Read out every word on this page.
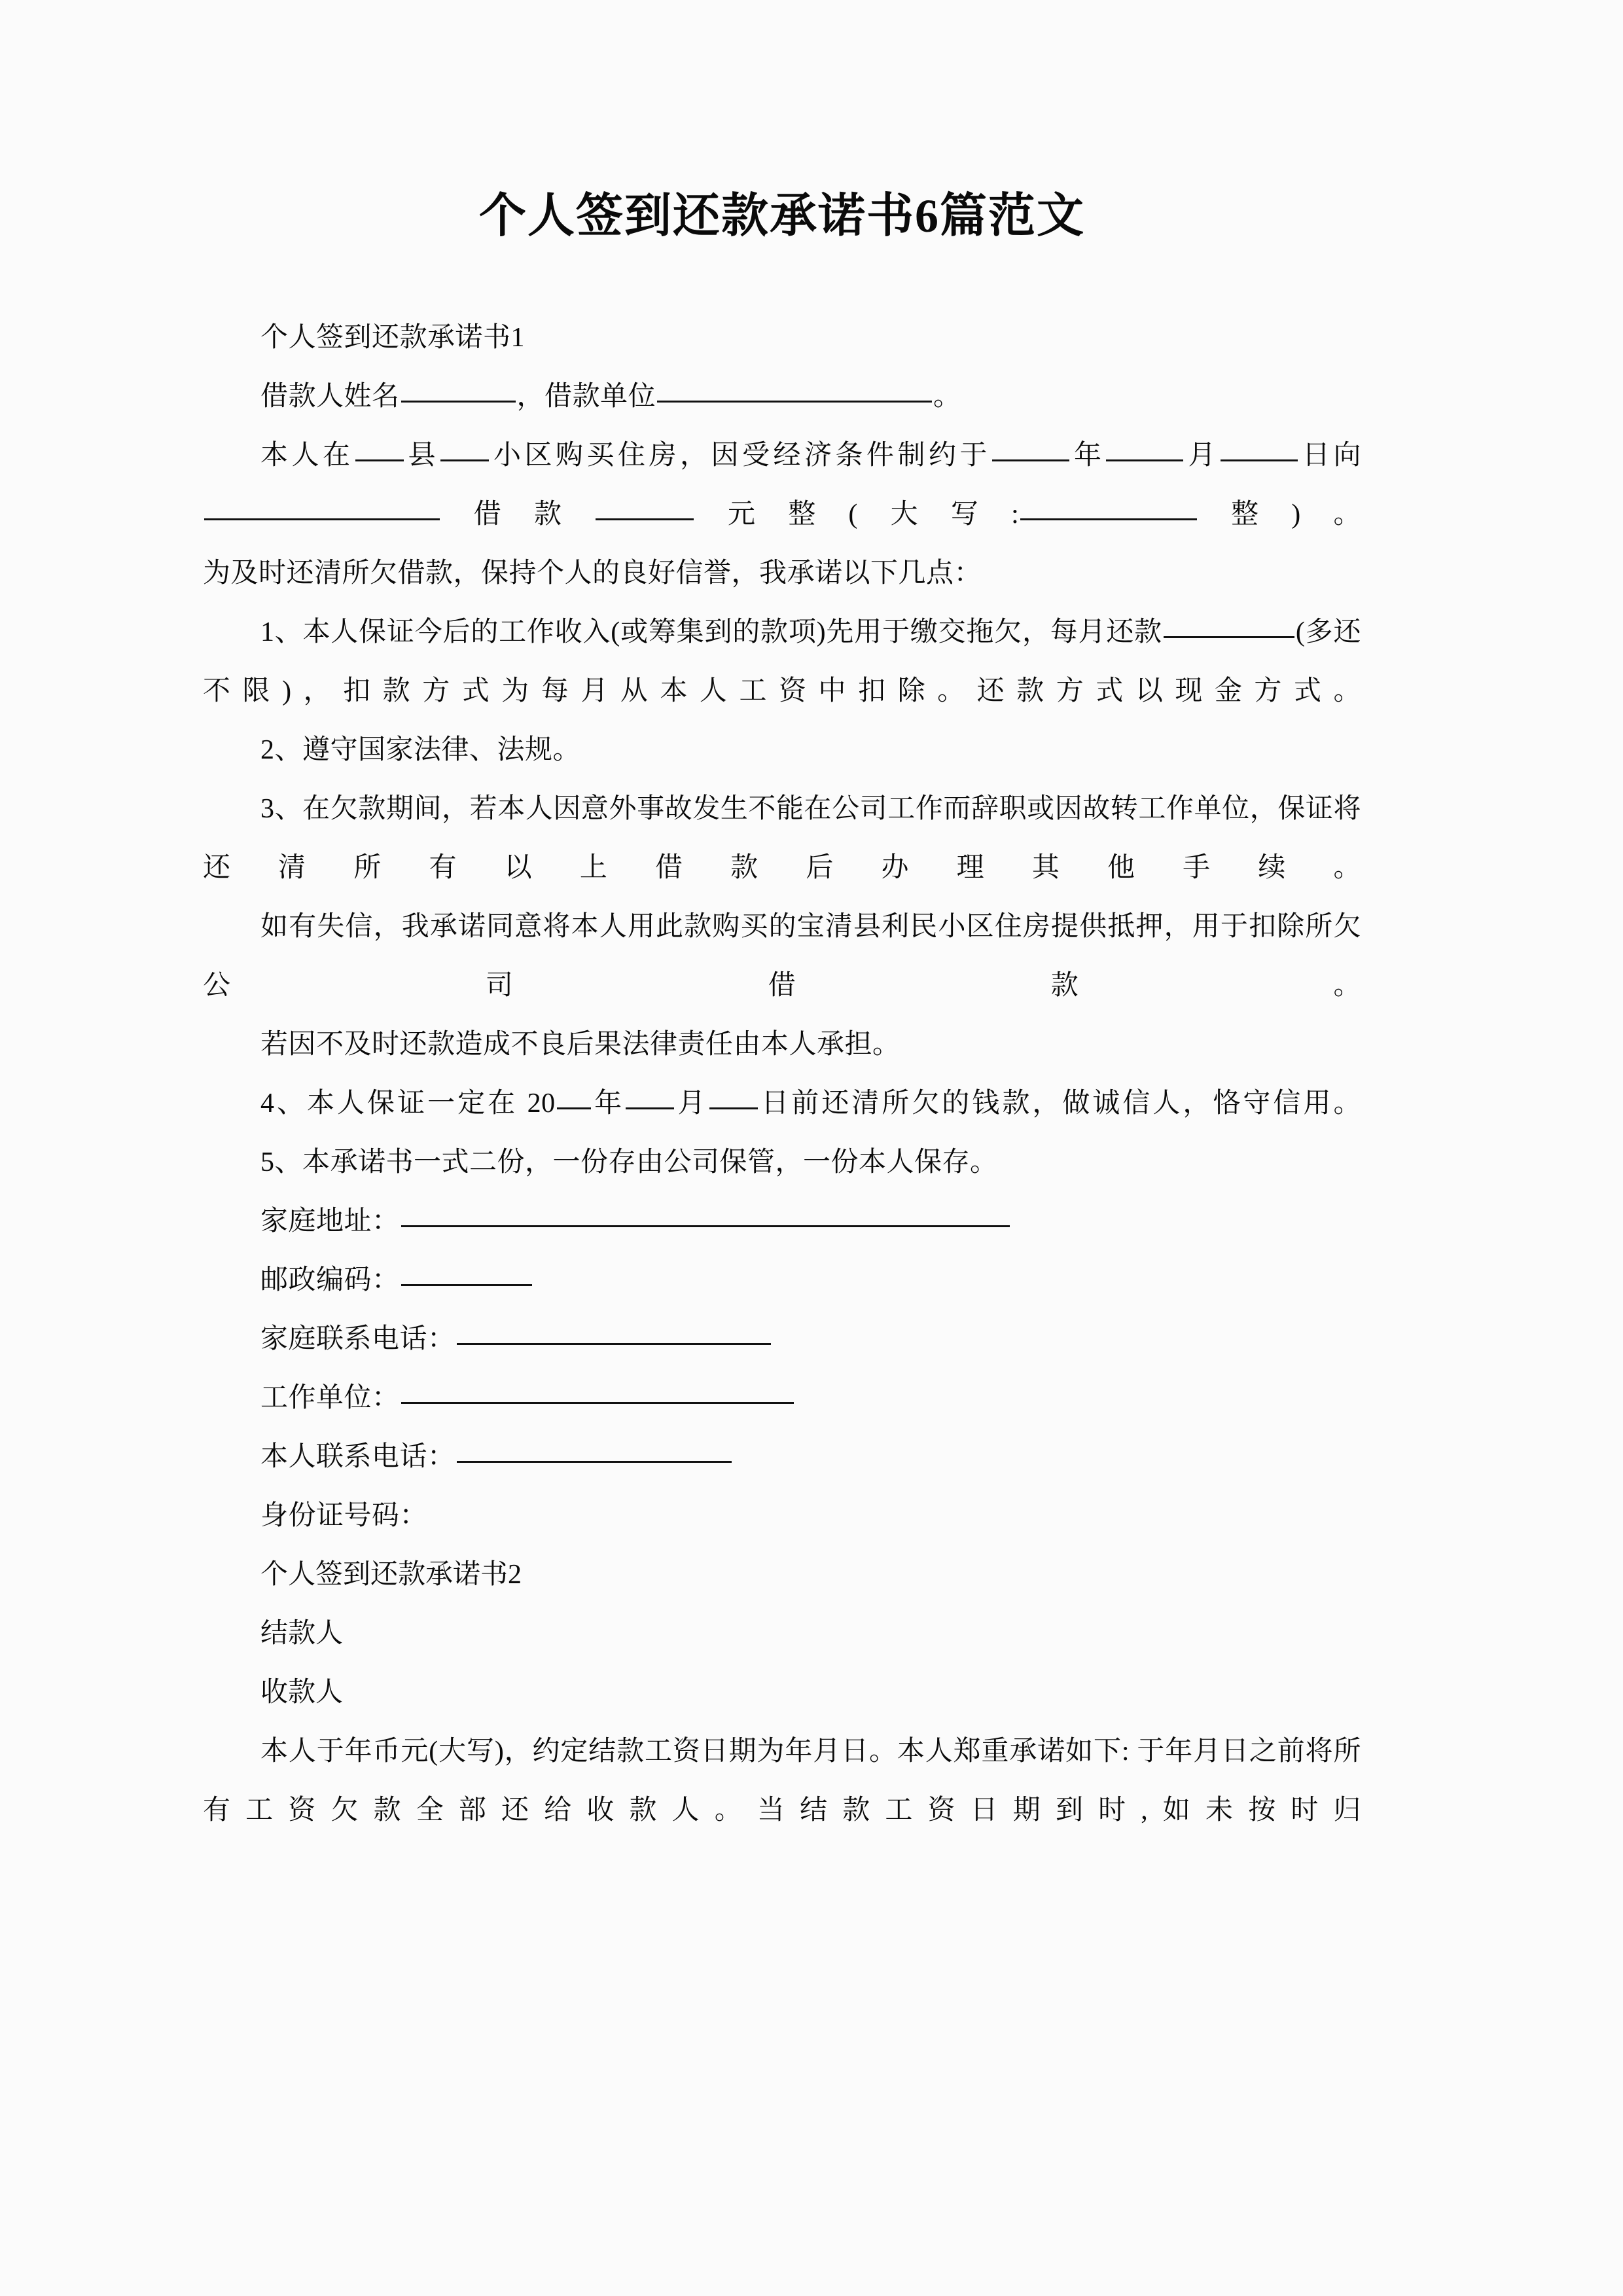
个人签到还款承诺书6篇范文

个人签到还款承诺书1

借款人姓名	，借款单位	。

本人在 县 小区购买住房，因受经济条件制约于	年	月	日向借款	元整(大写:	整)。

为及时还清所欠借款，保持个人的良好信誉，我承诺以下几点：

1、本人保证今后的工作收入(或筹集到的款项)先用于缴交拖欠，每月还款	(多还不限)，扣款方式为每月从本人工资中扣除。还款方式以现金方式。

2、遵守国家法律、法规。

3、在欠款期间，若本人因意外事故发生不能在公司工作而辞职或因故转工作单位，保证将还清所有以上借款后办理其他手续。

如有失信，我承诺同意将本人用此款购买的宝清县利民小区住房提供抵押，用于扣除所欠公司借款。

若因不及时还款造成不良后果法律责任由本人承担。

4、本人保证一定在 20 年 月 日前还清所欠的钱款，做诚信人，恪守信用。

5、本承诺书一式二份，一份存由公司保管，一份本人保存。

家庭地址：
邮政编码：
家庭联系电话：
工作单位：
本人联系电话：
身份证号码：
个人签到还款承诺书2
结款人
收款人

本人于年币元(大写)，约定结款工资日期为年月日。本人郑重承诺如下: 于年月日之前将所有工资欠款全部还给收款人。当结款工资日期到时,如未按时归
